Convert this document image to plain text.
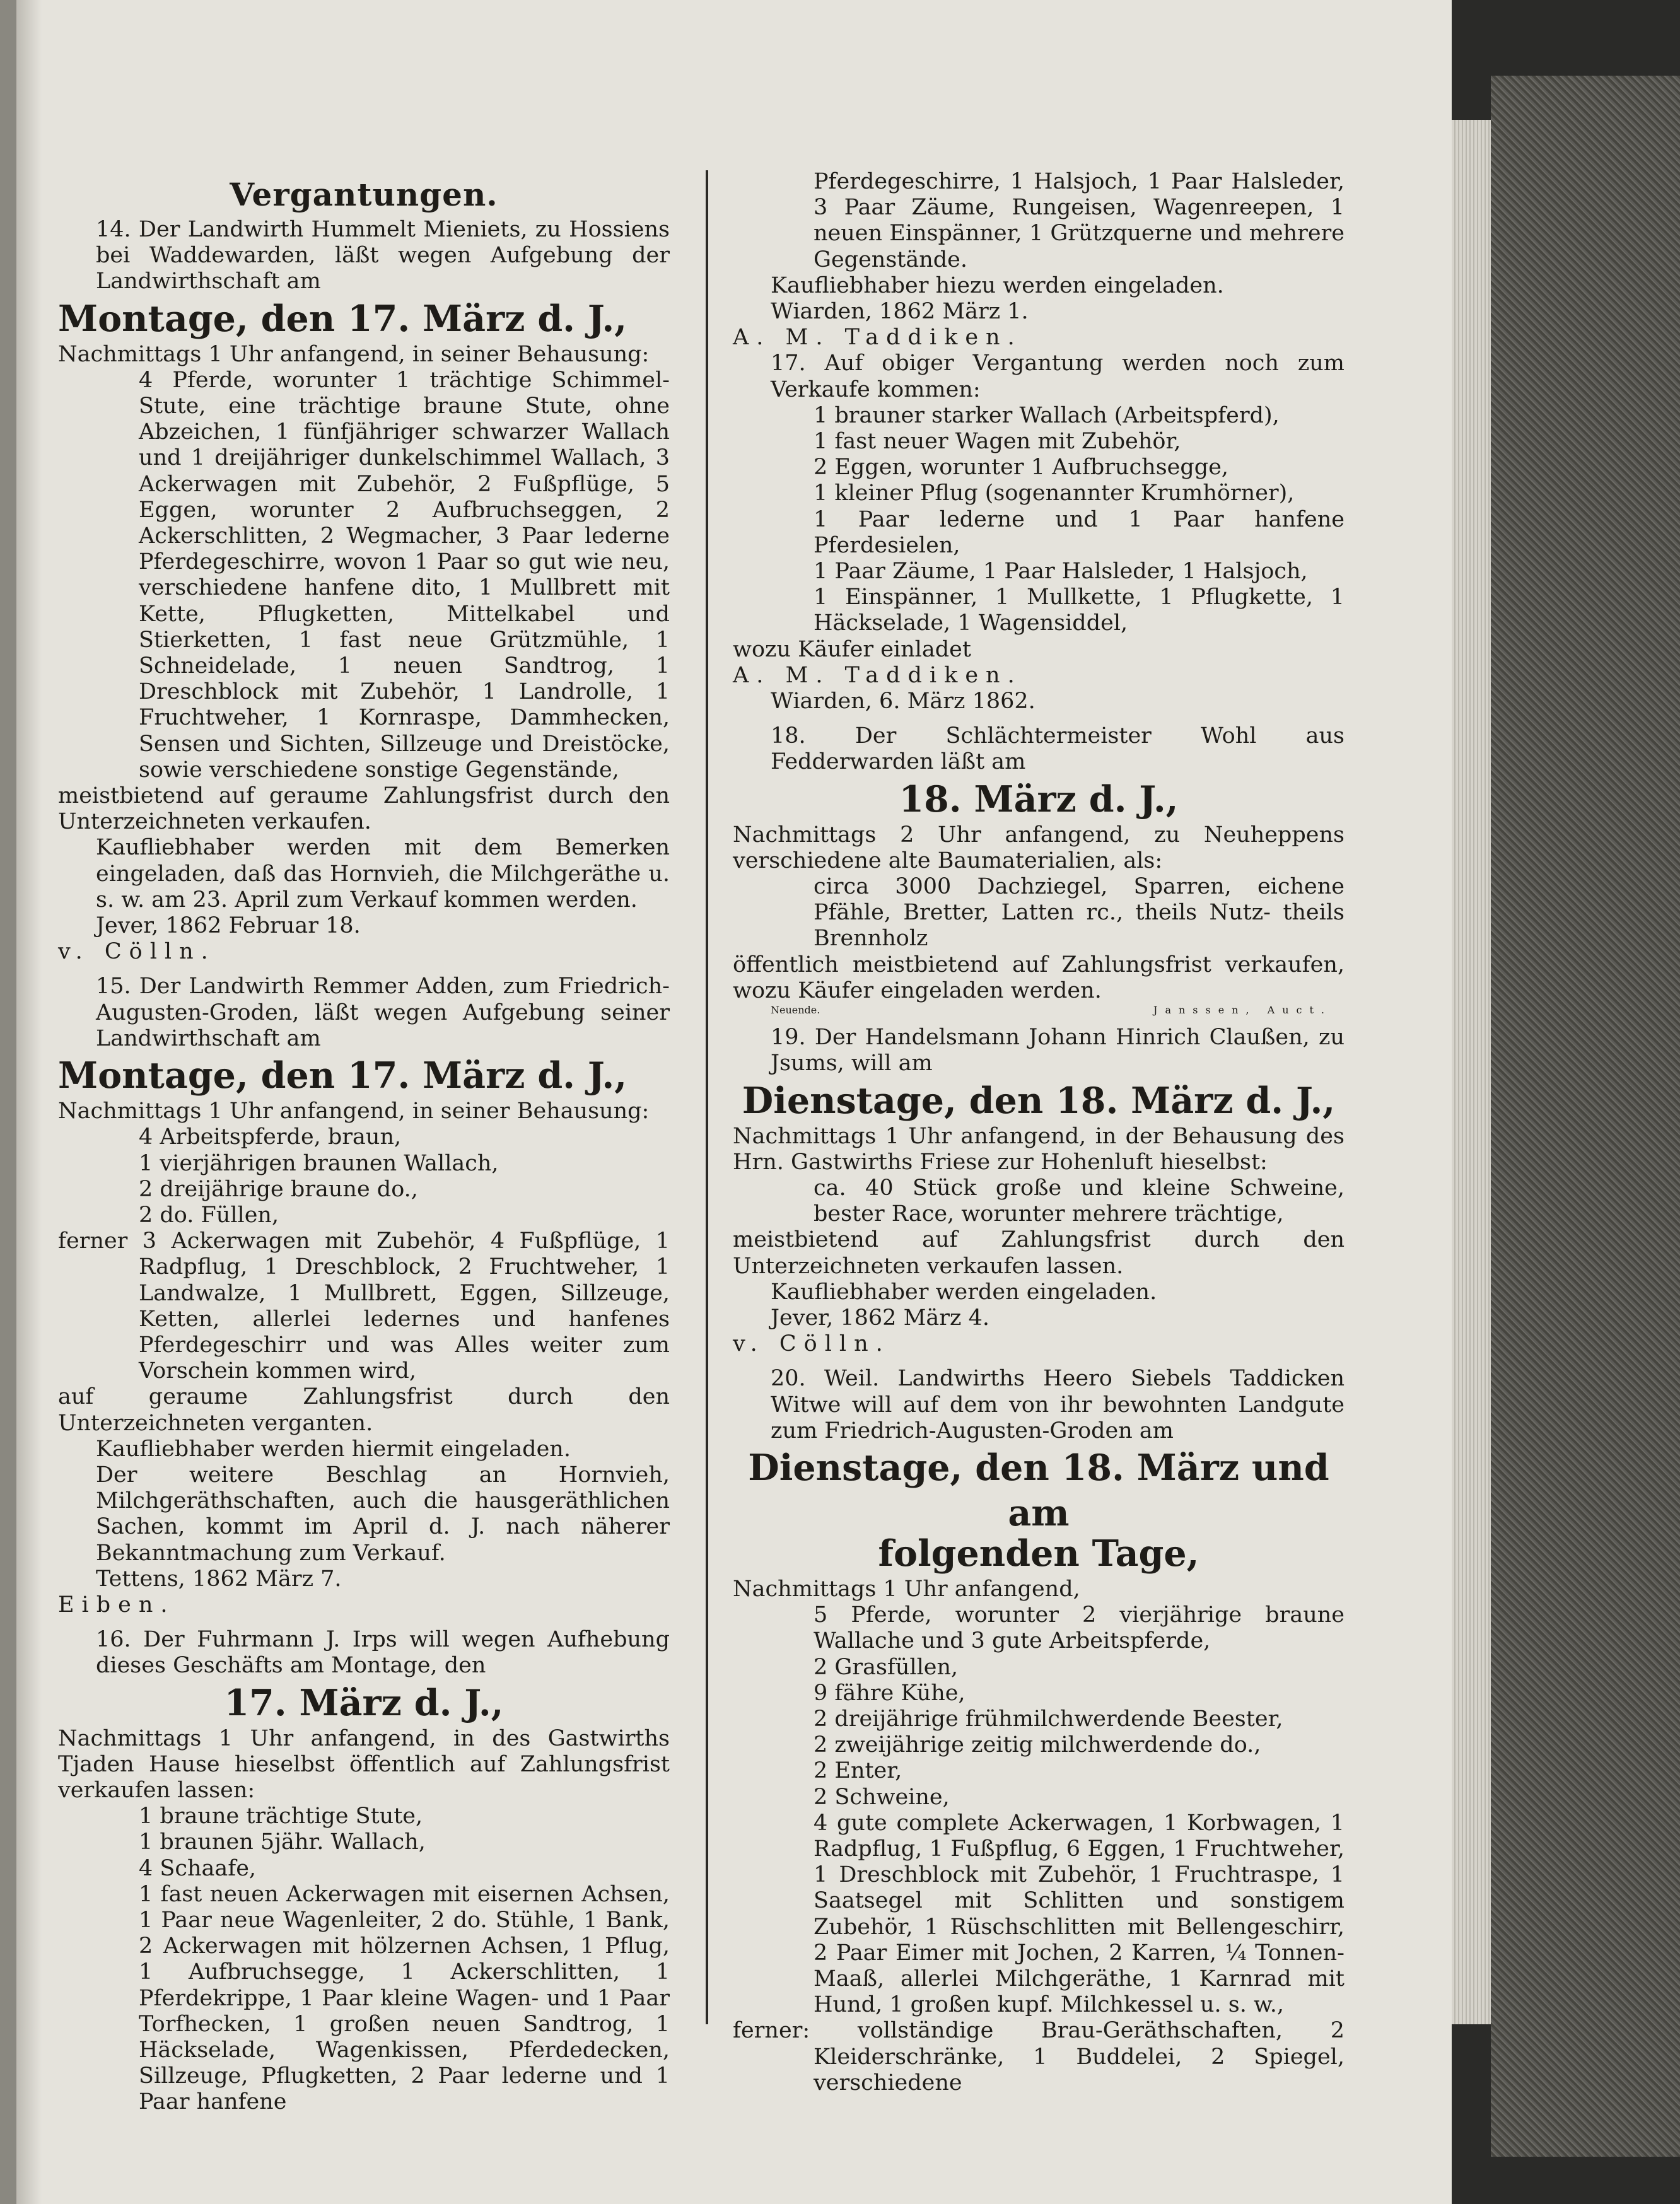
Vergantungen.

14. Der Landwirth Hummelt Mieniets, zu Hossiens bei Waddewarden, läßt wegen Aufgebung der Landwirthschaft am

Montage, den 17. März d. J.,

Nachmittags 1 Uhr anfangend, in seiner Behausung:

4 Pferde, worunter 1 trächtige Schimmel-Stute, eine trächtige braune Stute, ohne Abzeichen, 1 fünfjähriger schwarzer Wallach und 1 dreijähriger dunkelschimmel Wallach, 3 Ackerwagen mit Zubehör, 2 Fußpflüge, 5 Eggen, worunter 2 Aufbruchseggen, 2 Ackerschlitten, 2 Wegmacher, 3 Paar lederne Pferdegeschirre, wovon 1 Paar so gut wie neu, verschiedene hanfene dito, 1 Mullbrett mit Kette, Pflugketten, Mittelkabel und Stierketten, 1 fast neue Grützmühle, 1 Schneidelade, 1 neuen Sandtrog, 1 Dreschblock mit Zubehör, 1 Landrolle, 1 Fruchtweher, 1 Kornraspe, Dammhecken, Sensen und Sichten, Sillzeuge und Dreistöcke, sowie verschiedene sonstige Gegenstände,

meistbietend auf geraume Zahlungsfrist durch den Unterzeichneten verkaufen.

Kaufliebhaber werden mit dem Bemerken eingeladen, daß das Hornvieh, die Milchgeräthe u. s. w. am 23. April zum Verkauf kommen werden.

Jever, 1862 Februar 18.

v. Cölln.

15. Der Landwirth Remmer Adden, zum Friedrich-Augusten-Groden, läßt wegen Aufgebung seiner Landwirthschaft am

Montage, den 17. März d. J.,

Nachmittags 1 Uhr anfangend, in seiner Behausung:

4 Arbeitspferde, braun,

1 vierjährigen braunen Wallach,

2 dreijährige braune do.,

2 do. Füllen,

ferner 3 Ackerwagen mit Zubehör, 4 Fußpflüge, 1 Radpflug, 1 Dreschblock, 2 Fruchtweher, 1 Landwalze, 1 Mullbrett, Eggen, Sillzeuge, Ketten, allerlei ledernes und hanfenes Pferdegeschirr und was Alles weiter zum Vorschein kommen wird,

auf geraume Zahlungsfrist durch den Unterzeichneten verganten.

Kaufliebhaber werden hiermit eingeladen.

Der weitere Beschlag an Hornvieh, Milchgeräthschaften, auch die hausgeräthlichen Sachen, kommt im April d. J. nach näherer Bekanntmachung zum Verkauf.

Tettens, 1862 März 7.

Eiben.

16. Der Fuhrmann J. Irps will wegen Aufhebung dieses Geschäfts am Montage, den

17. März d. J.,

Nachmittags 1 Uhr anfangend, in des Gastwirths Tjaden Hause hieselbst öffentlich auf Zahlungsfrist verkaufen lassen:

1 braune trächtige Stute,

1 braunen 5jähr. Wallach,

4 Schaafe,

1 fast neuen Ackerwagen mit eisernen Achsen, 1 Paar neue Wagenleiter, 2 do. Stühle, 1 Bank, 2 Ackerwagen mit hölzernen Achsen, 1 Pflug, 1 Aufbruchsegge, 1 Ackerschlitten, 1 Pferdekrippe, 1 Paar kleine Wagen- und 1 Paar Torfhecken, 1 großen neuen Sandtrog, 1 Häckselade, Wagenkissen, Pferdedecken, Sillzeuge, Pflugketten, 2 Paar lederne und 1 Paar hanfene

Pferdegeschirre, 1 Halsjoch, 1 Paar Halsleder, 3 Paar Zäume, Rungeisen, Wagenreepen, 1 neuen Einspänner, 1 Grützquerne und mehrere Gegenstände.

Kaufliebhaber hiezu werden eingeladen.

Wiarden, 1862 März 1.

A. M. Taddiken.

17. Auf obiger Vergantung werden noch zum Verkaufe kommen:

1 brauner starker Wallach (Arbeitspferd),

1 fast neuer Wagen mit Zubehör,

2 Eggen, worunter 1 Aufbruchsegge,

1 kleiner Pflug (sogenannter Krumhörner),

1 Paar lederne und 1 Paar hanfene Pferdesielen,

1 Paar Zäume, 1 Paar Halsleder, 1 Halsjoch,

1 Einspänner, 1 Mullkette, 1 Pflugkette, 1 Häckselade, 1 Wagensiddel,

wozu Käufer einladet

A. M. Taddiken.

Wiarden, 6. März 1862.

18. Der Schlächtermeister Wohl aus Fedderwarden läßt am

18. März d. J.,

Nachmittags 2 Uhr anfangend, zu Neuheppens verschiedene alte Baumaterialien, als:

circa 3000 Dachziegel, Sparren, eichene Pfähle, Bretter, Latten rc., theils Nutz- theils Brennholz

öffentlich meistbietend auf Zahlungsfrist verkaufen, wozu Käufer eingeladen werden.

Neuende.	Janssen, Auct.

19. Der Handelsmann Johann Hinrich Claußen, zu Jsums, will am

Dienstage, den 18. März d. J.,

Nachmittags 1 Uhr anfangend, in der Behausung des Hrn. Gastwirths Friese zur Hohenluft hieselbst:

ca. 40 Stück große und kleine Schweine, bester Race, worunter mehrere trächtige,

meistbietend auf Zahlungsfrist durch den Unterzeichneten verkaufen lassen.

Kaufliebhaber werden eingeladen.

Jever, 1862 März 4.

v. Cölln.

20. Weil. Landwirths Heero Siebels Taddicken Witwe will auf dem von ihr bewohnten Landgute zum Friedrich-Augusten-Groden am

Dienstage, den 18. März und am
folgenden Tage,

Nachmittags 1 Uhr anfangend,

5 Pferde, worunter 2 vierjährige braune Wallache und 3 gute Arbeitspferde,

2 Grasfüllen,

9 fähre Kühe,

2 dreijährige frühmilchwerdende Beester,

2 zweijährige zeitig milchwerdende do.,

2 Enter,

2 Schweine,

4 gute complete Ackerwagen, 1 Korbwagen, 1 Radpflug, 1 Fußpflug, 6 Eggen, 1 Fruchtweher, 1 Dreschblock mit Zubehör, 1 Fruchtraspe, 1 Saatsegel mit Schlitten und sonstigem Zubehör, 1 Rüschschlitten mit Bellengeschirr, 2 Paar Eimer mit Jochen, 2 Karren, ¼ Tonnen-Maaß, allerlei Milchgeräthe, 1 Karnrad mit Hund, 1 großen kupf. Milchkessel u. s. w.,

ferner: vollständige Brau-Geräthschaften, 2 Kleiderschränke, 1 Buddelei, 2 Spiegel, verschiedene
